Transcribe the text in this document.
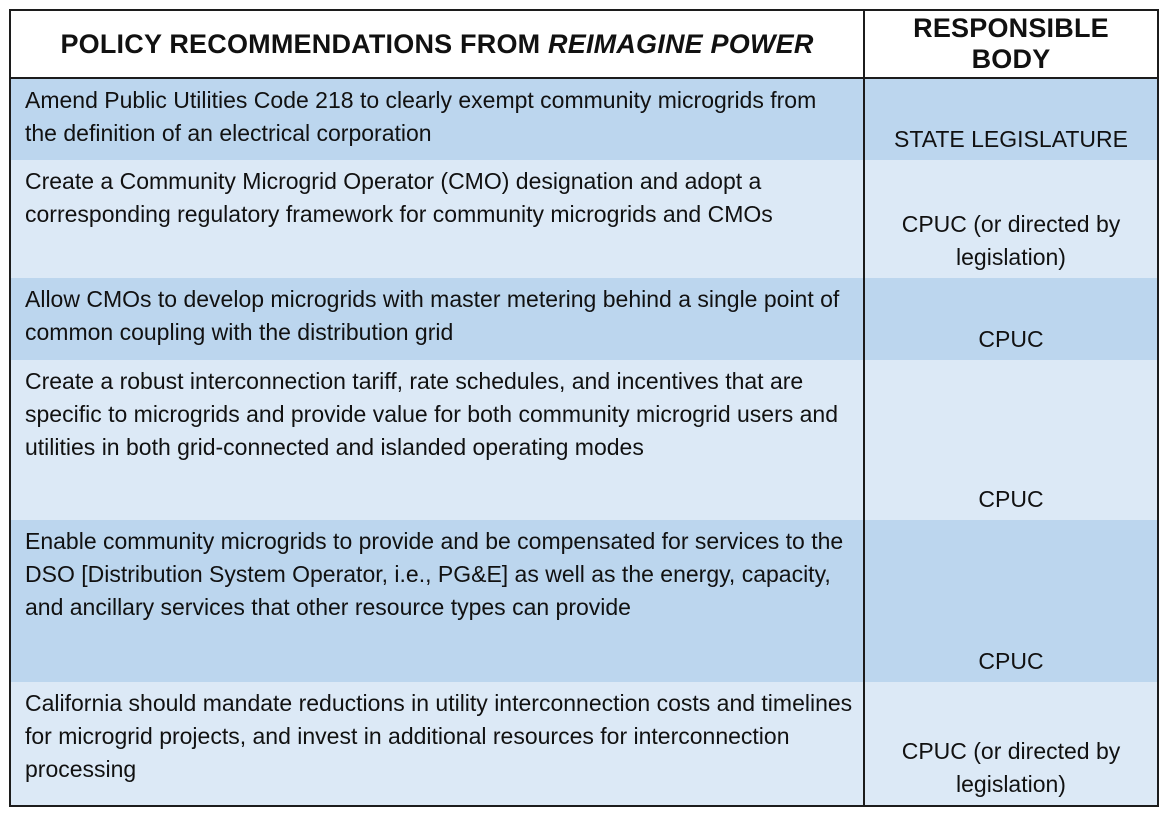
POLICY RECOMMENDATIONS FROM REIMAGINE POWER	RESPONSIBLE BODY
Amend Public Utilities Code 218 to clearly exempt community microgrids from the definition of an electrical corporation	STATE LEGISLATURE
Create a Community Microgrid Operator (CMO) designation and adopt a corresponding regulatory framework for community microgrids and CMOs	CPUC (or directed by legislation)
Allow CMOs to develop microgrids with master metering behind a single point of common coupling with the distribution grid	CPUC
Create a robust interconnection tariff, rate schedules, and incentives that are specific to microgrids and provide value for both community microgrid users and utilities in both grid-connected and islanded operating modes	CPUC
Enable community microgrids to provide and be compensated for services to the DSO [Distribution System Operator, i.e., PG&E] as well as the energy, capacity, and ancillary services that other resource types can provide	CPUC
California should mandate reductions in utility interconnection costs and timelines for microgrid projects, and invest in additional resources for interconnection processing	CPUC (or directed by legislation)
